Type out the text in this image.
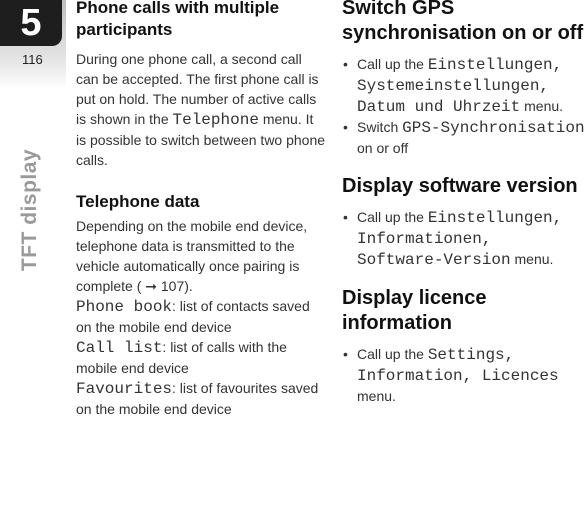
5
116
TFT display
Phone calls with multiple participants

During one phone call, a second call can be accepted. The first phone call is put on hold. The number of active calls is shown in the Telephone menu. It is possible to switch between two phone calls.

Telephone data

Depending on the mobile end device, telephone data is transmitted to the vehicle automatically once pairing is complete ( ➞ 107).

Phone book: list of contacts saved on the mobile end device

Call list: list of calls with the mobile end device

Favourites: list of favourites saved on the mobile end device

Switch GPS synchronisation on or off
• Call up the Einstellungen, Systemeinstellungen, Datum und Uhrzeit menu.
• Switch GPS-Synchronisation on or off
Display software version
• Call up the Einstellungen, Informationen, Software-Version menu.
Display licence information
• Call up the Settings, Information, Licences menu.
